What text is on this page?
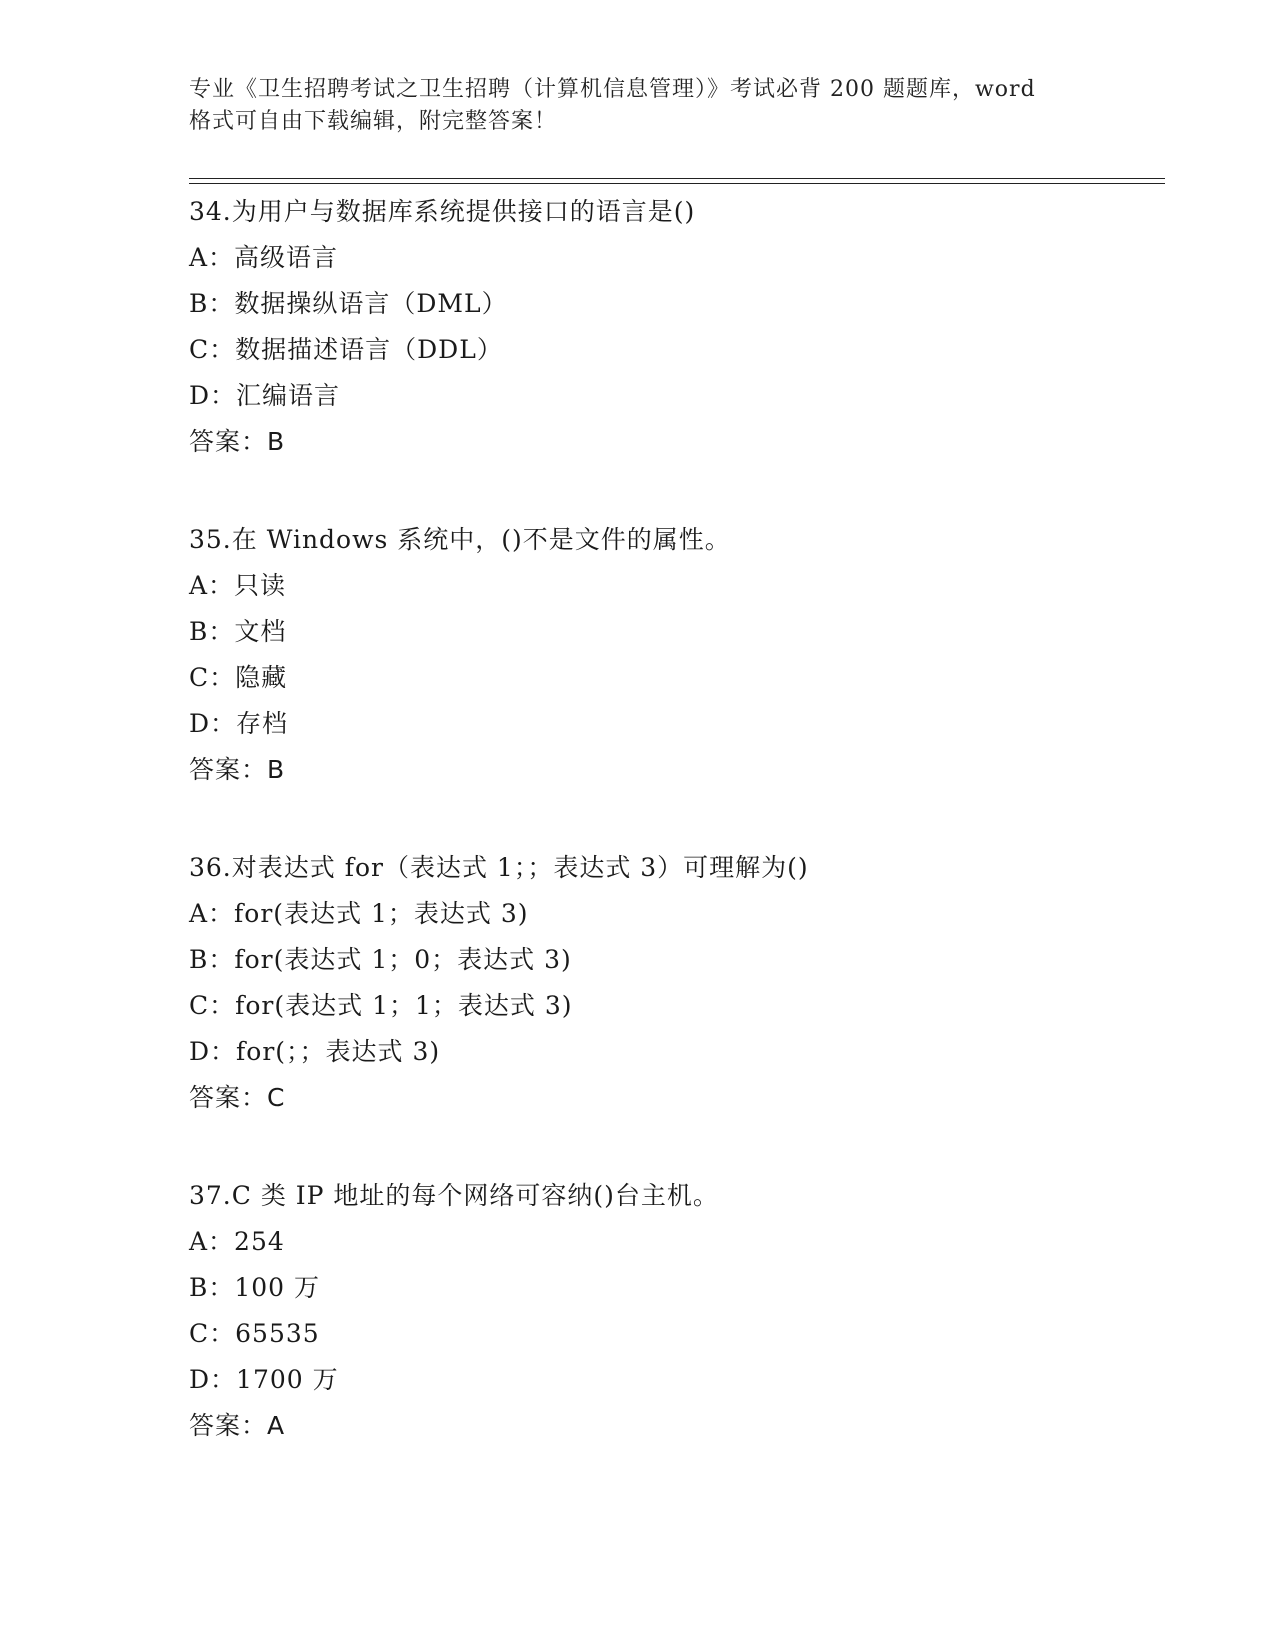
专业《卫生招聘考试之卫生招聘（计算机信息管理）》考试必背 200 题题库，word
格式可自由下载编辑，附完整答案！
34.为用户与数据库系统提供接口的语言是()
A：高级语言
B：数据操纵语言（DML）
C：数据描述语言（DDL）
D：汇编语言
答案：B
35.在 Windows 系统中，()不是文件的属性。
A：只读
B：文档
C：隐藏
D：存档
答案：B
36.对表达式 for（表达式 1；；表达式 3）可理解为()
A：for(表达式 1；表达式 3)
B：for(表达式 1；0；表达式 3)
C：for(表达式 1；1；表达式 3)
D：for(；；表达式 3)
答案：C
37.C 类 IP 地址的每个网络可容纳()台主机。
A：254
B：100 万
C：65535
D：1700 万
答案：A
